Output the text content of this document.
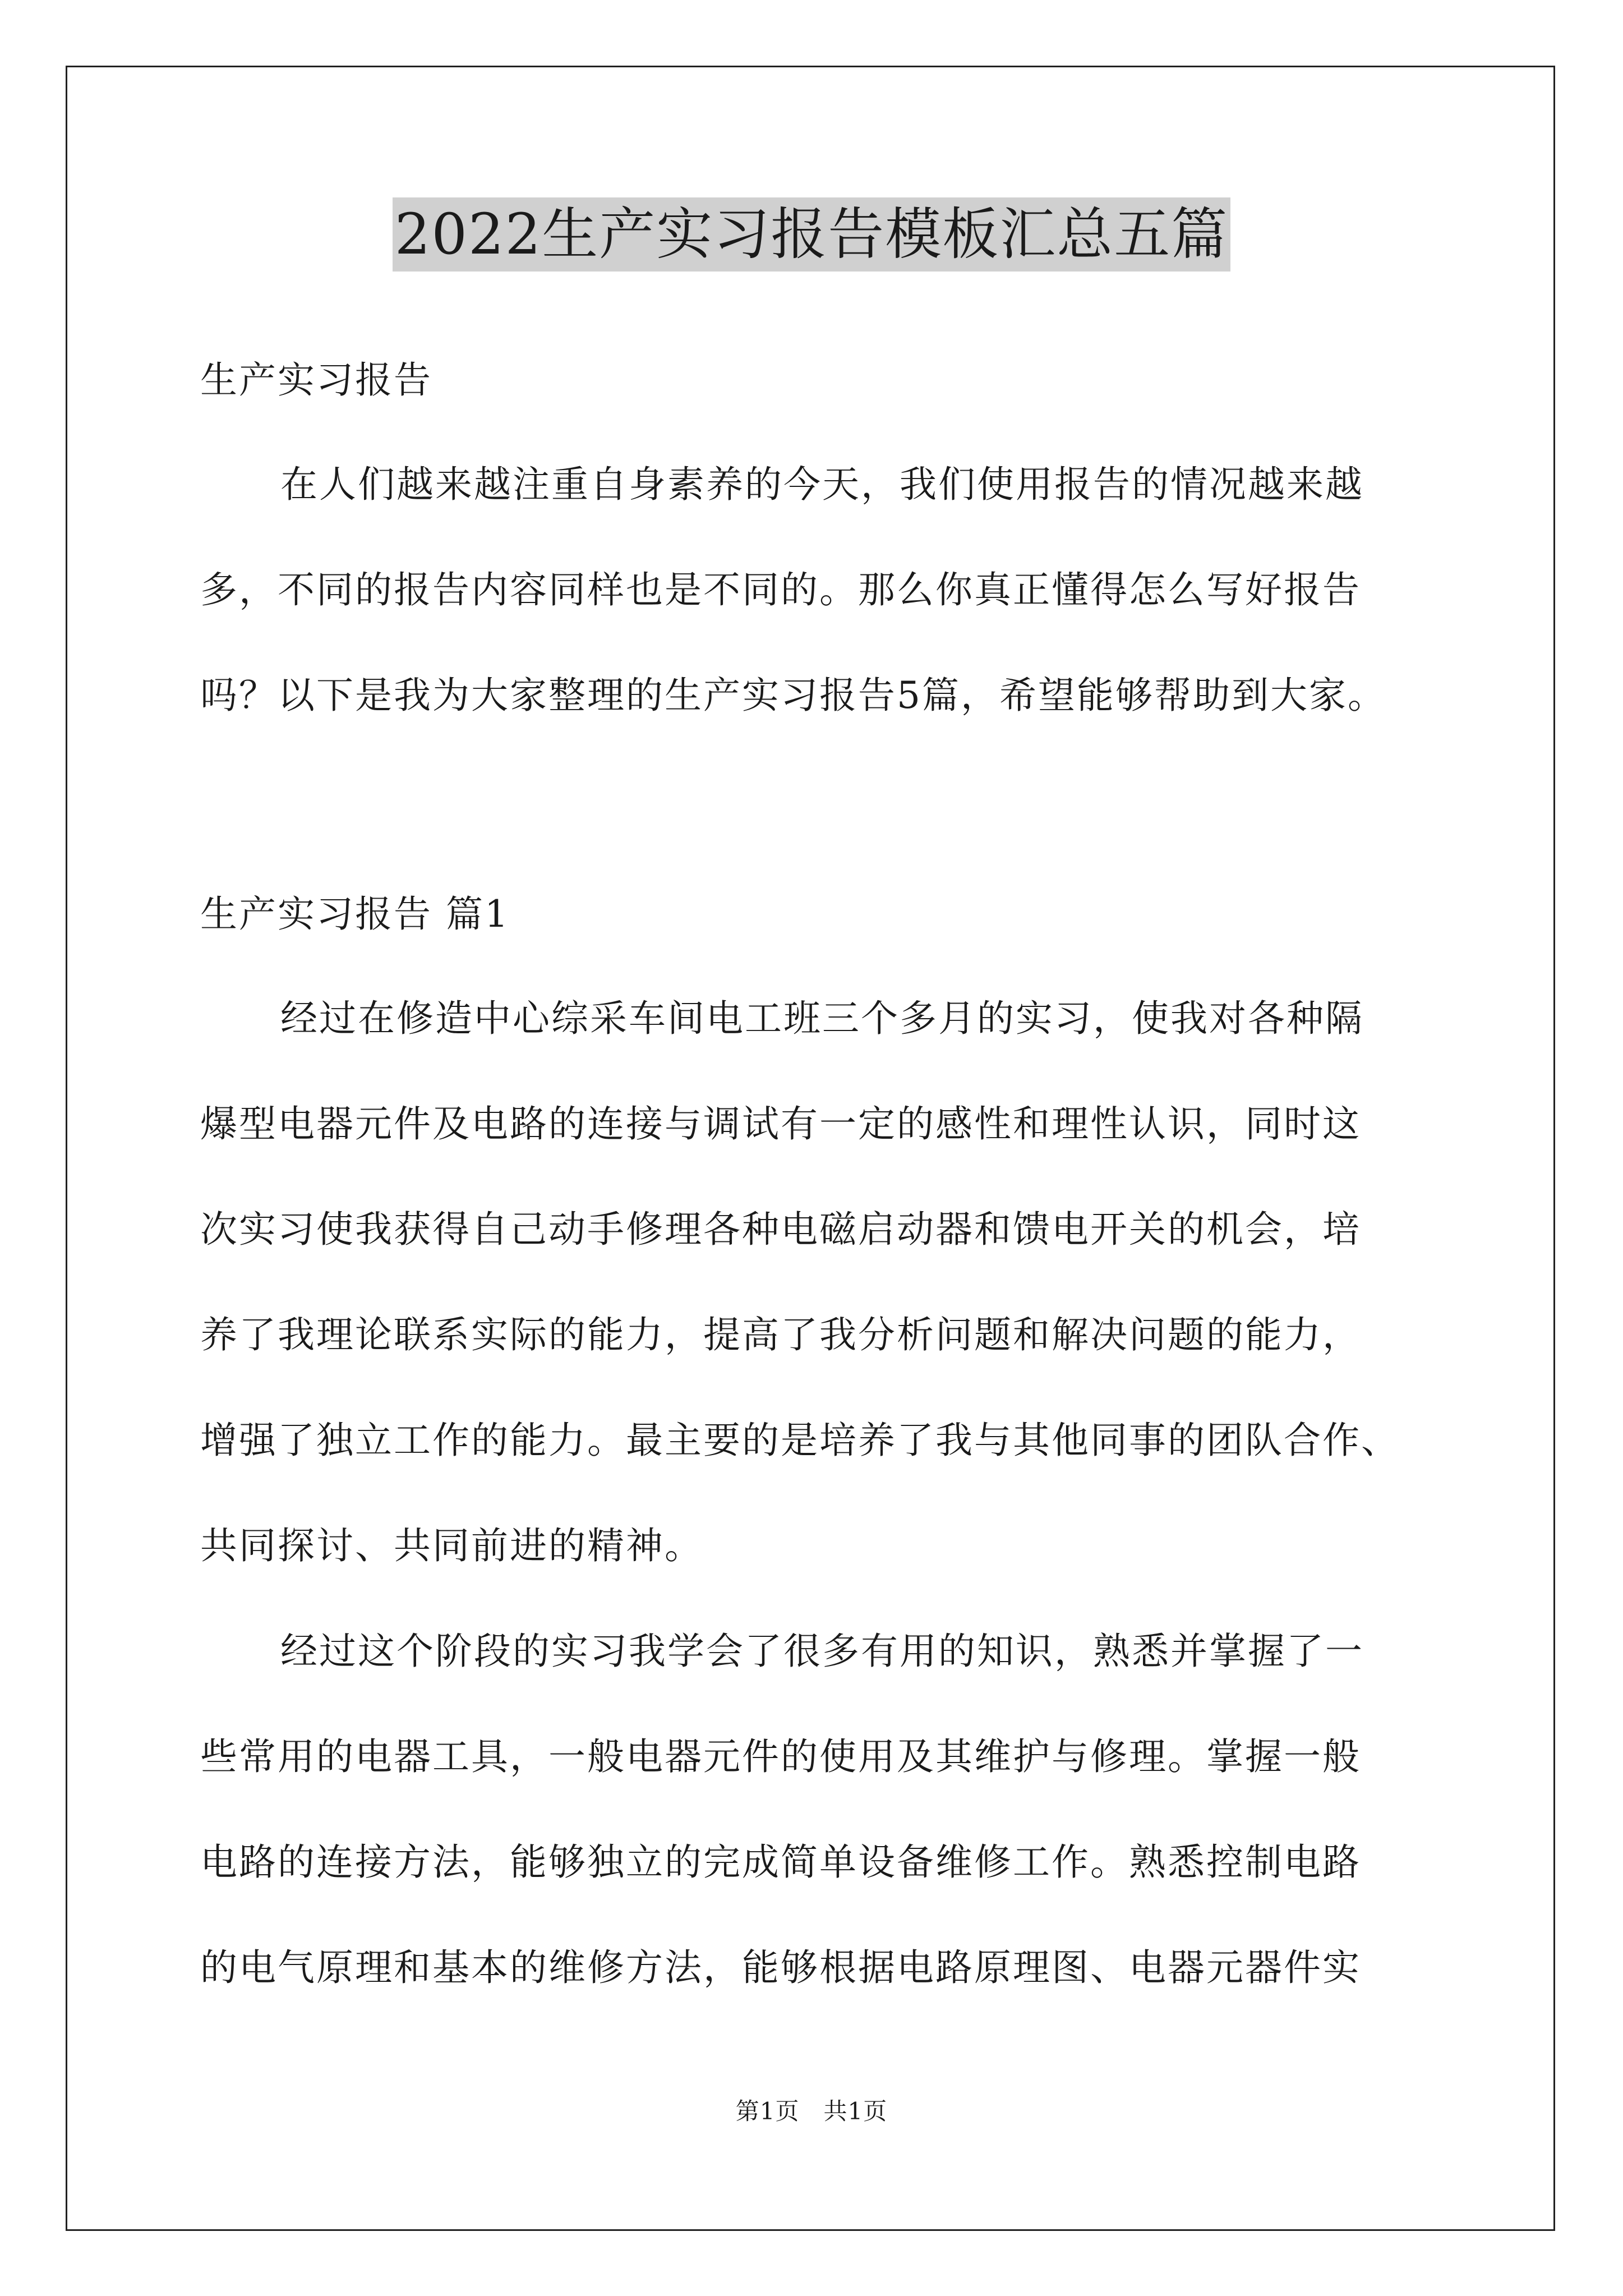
2022生产实习报告模板汇总五篇
生产实习报告
在人们越来越注重自身素养的今天，我们使用报告的情况越来越
多，不同的报告内容同样也是不同的。那么你真正懂得怎么写好报告
吗？以下是我为大家整理的生产实习报告5篇，希望能够帮助到大家。
生产实习报告 篇1
经过在修造中心综采车间电工班三个多月的实习，使我对各种隔
爆型电器元件及电路的连接与调试有一定的感性和理性认识，同时这
次实习使我获得自己动手修理各种电磁启动器和馈电开关的机会，培
养了我理论联系实际的能力，提高了我分析问题和解决问题的能力，
增强了独立工作的能力。最主要的是培养了我与其他同事的团队合作、
共同探讨、共同前进的精神。
经过这个阶段的实习我学会了很多有用的知识，熟悉并掌握了一
些常用的电器工具，一般电器元件的使用及其维护与修理。掌握一般
电路的连接方法，能够独立的完成简单设备维修工作。熟悉控制电路
的电气原理和基本的维修方法，能够根据电路原理图、电器元器件实
第1页　共1页
